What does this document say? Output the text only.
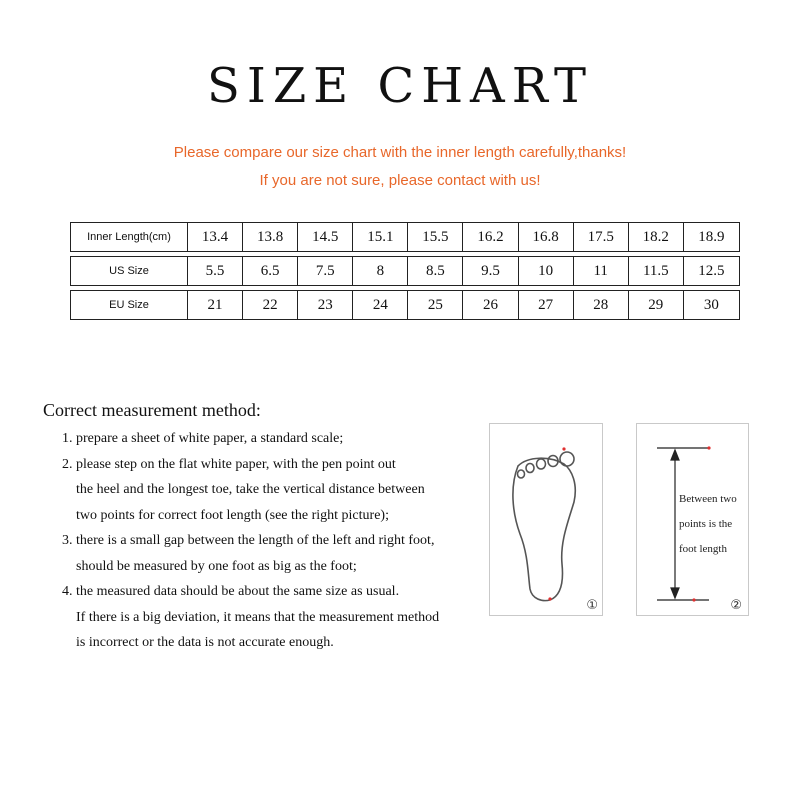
SIZE CHART
Please compare our size chart with the inner length carefully,thanks!
If you are not sure, please contact with us!
Inner Length(cm)	13.4	13.8	14.5	15.1	15.5	16.2	16.8	17.5	18.2	18.9
US Size	5.5	6.5	7.5	8	8.5	9.5	10	11	11.5	12.5
EU Size	21	22	23	24	25	26	27	28	29	30
Correct measurement method:
1. prepare a sheet of white paper, a standard scale;
2. please step on the flat white paper, with the pen point out
the heel and the longest toe, take the vertical distance between
two points for correct foot length (see the right picture);
3. there is a small gap between the length of the left and right foot,
should be measured by one foot as big as the foot;
4. the measured data should be about the same size as usual.
If there is a big deviation, it means that the measurement method
is incorrect or the data is not accurate enough.
①
Between two
points is the
foot length
②
